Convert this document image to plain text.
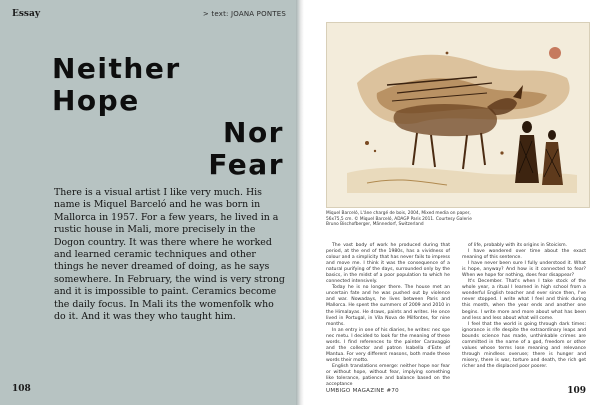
Essay	> text: JOANA PONTES
Neither
Hope
Nor
Fear

There is a visual artist I like very much. His name is Miquel Barceló and he was born in Mallorca in 1957. For a few years, he lived in a rustic house in Mali, more precisely in the Dogon country. It was there where he worked and learned ceramic techniques and other things he never dreamed of doing, as he says somewhere. In February, the wind is very strong and it is impossible to paint. Ceramics become the daily focus. In Mali its the womenfolk who do it. And it was they who taught him.

108

Miquel Barceló, L'âne chargé de bois, 2004, Mixed media on paper, 56x75,5 cm. © Miquel Barceló, ADAGP Paris 2011. Courtesy Galerie Bruno Bischofberger, Männedorf, Switzerland

The vast body of work he produced during that period, at the end of the 1980s, has a vividness of colour and a simplicity that has never fails to impress and move me. I think it was the consequence of a natural purifying of the days, surrounded only by the basics, in the midst of a poor population to which he connected intensively.

Today he is no longer there. The house met an uncertain fate and he was pushed out by violence and war. Nowadays, he lives between Paris and Mallorca. He spent the summers of 2009 and 2010 in the Himalayas. He draws, paints and writes. He once lived in Portugal, in Vila Nova de Milfontes, for nine months.

In an entry in one of his diaries, he writes: nec spe nec metu. I decided to look for the meaning of these words. I find references to the painter Caravaggio and the collector and patron Isabella d'Este of Mantua. For very different reasons, both made these words their motto.

English translations emerge: neither hope nor fear or without hope, without fear, implying something like tolerance, patience and balance based on the acceptance

of life, probably with its origins in Stoicism.

I have wondered over time about the exact meaning of this sentence.

I have never been sure I fully understood it. What is hope, anyway? And how is it connected to fear? When we hope for nothing, does fear disappear?

It's December. That's when I take stock of the whole year, a ritual I learned in high school from a wonderful English teacher and ever since then, I've never stopped. I write what I feel and think during this month, when the year ends and another one begins. I write more and more about what has been and less and less about what will come.

I feel that the world is going through dark times: ignorance is rife despite the extraordinary leaps and bounds science has made, unthinkable crimes are committed in the name of a god, freedom or other values whose terms lose meaning and relevance through mindless overuse; there is hunger and misery, there is war, torture and death, the rich get richer and the displaced poor poorer.

UMBIGO MAGAZINE #70	109
